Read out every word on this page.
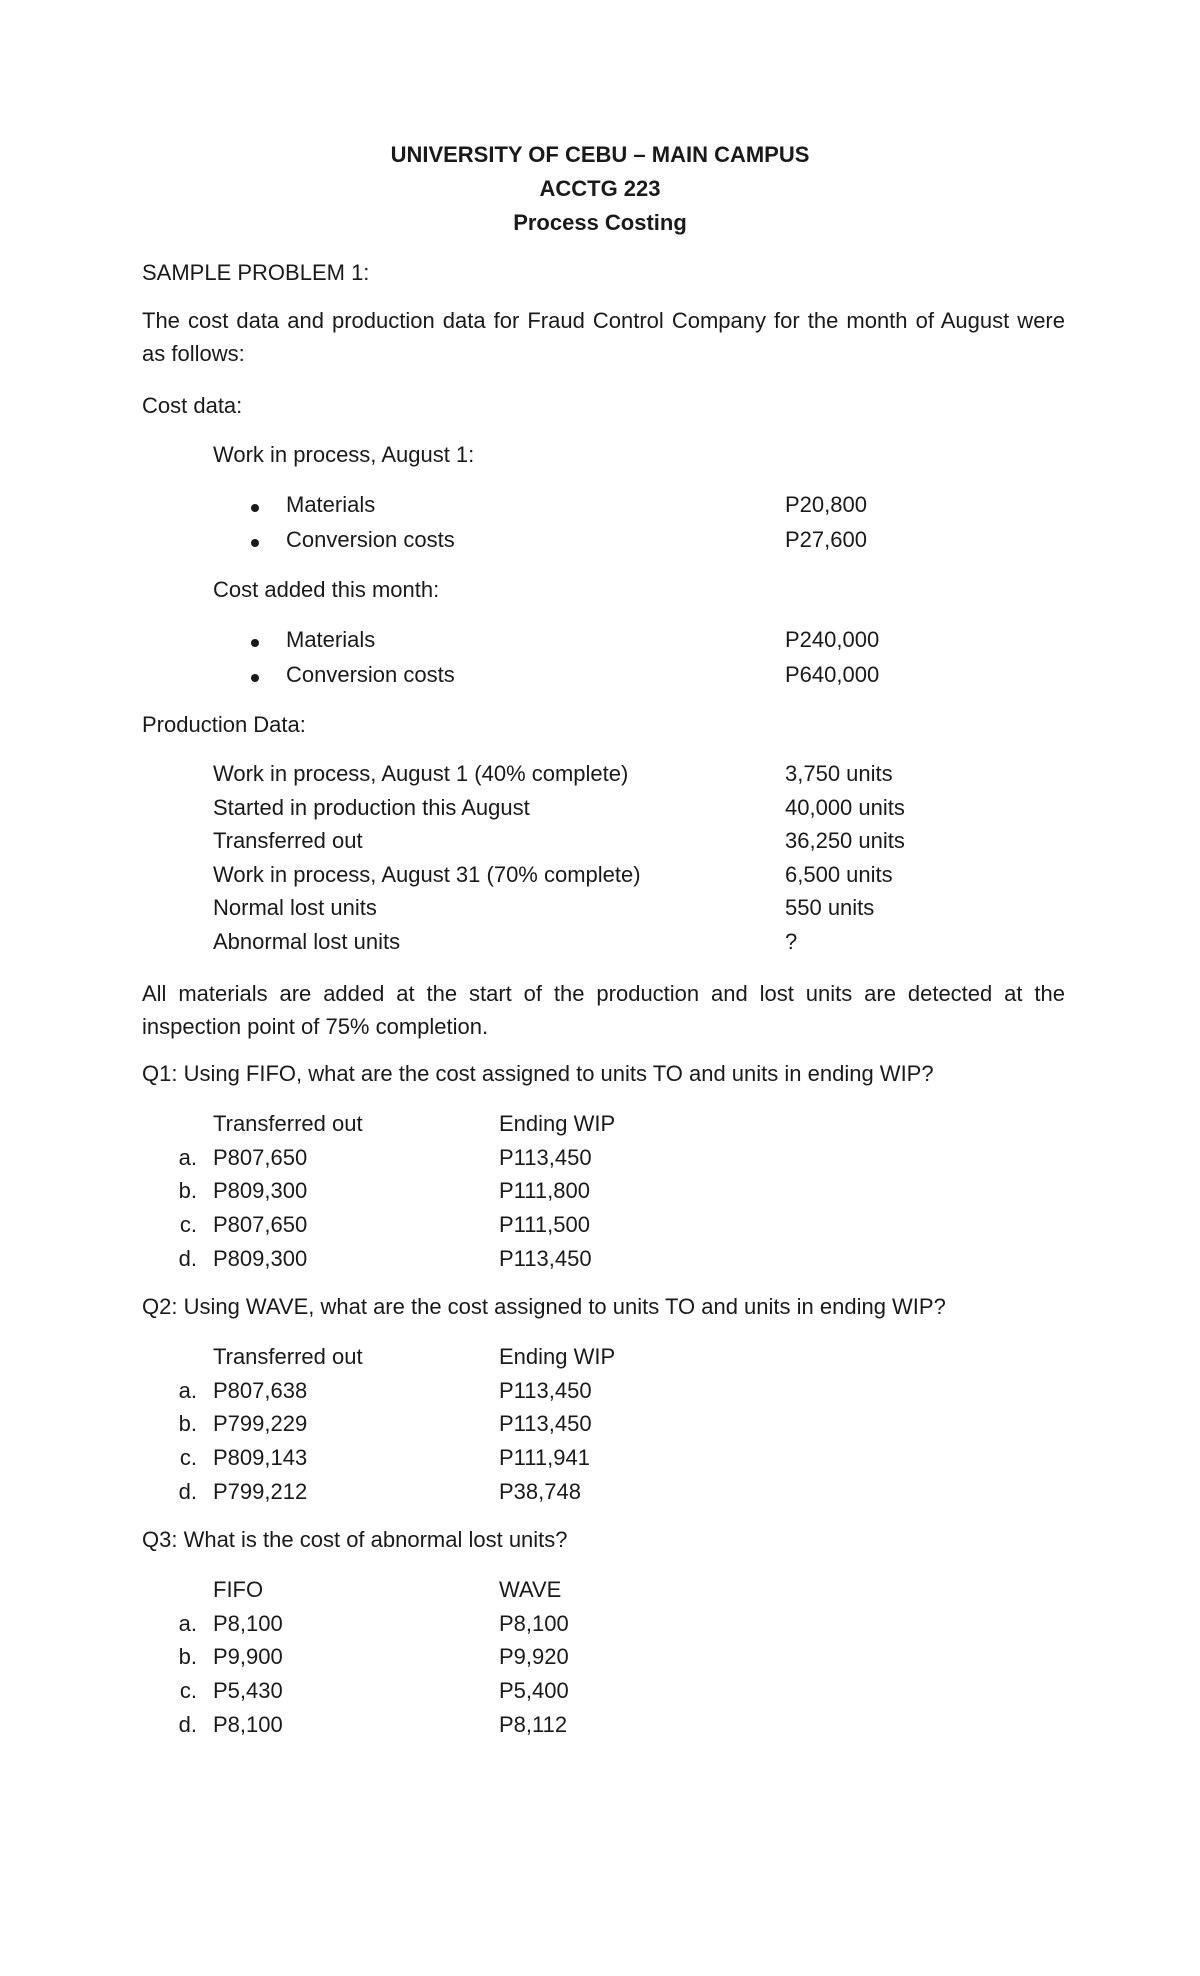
UNIVERSITY OF CEBU – MAIN CAMPUS
ACCTG 223
Process Costing
SAMPLE PROBLEM 1:
The cost data and production data for Fraud Control Company for the month of August were as follows:
Cost data:
Work in process, August 1:
Materials	P20,800
Conversion costs	P27,600
Cost added this month:
Materials	P240,000
Conversion costs	P640,000
Production Data:
Work in process, August 1 (40% complete)	3,750 units
Started in production this August	40,000 units
Transferred out	36,250 units
Work in process, August 31 (70% complete)	6,500 units
Normal lost units	550 units
Abnormal lost units	?
All materials are added at the start of the production and lost units are detected at the inspection point of 75% completion.
Q1: Using FIFO, what are the cost assigned to units TO and units in ending WIP?
Transferred out	Ending WIP
a. P807,650	P113,450
b. P809,300	P111,800
c. P807,650	P111,500
d. P809,300	P113,450
Q2: Using WAVE, what are the cost assigned to units TO and units in ending WIP?
Transferred out	Ending WIP
a. P807,638	P113,450
b. P799,229	P113,450
c. P809,143	P111,941
d. P799,212	P38,748
Q3: What is the cost of abnormal lost units?
FIFO	WAVE
a. P8,100	P8,100
b. P9,900	P9,920
c. P5,430	P5,400
d. P8,100	P8,112
